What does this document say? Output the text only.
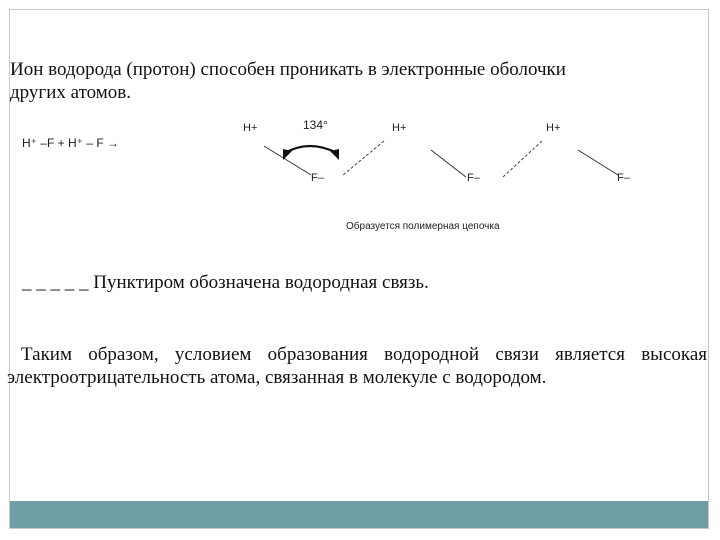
Ион водорода (протон) способен проникать в электронные оболочки
других атомов.
H⁺ –F + H⁺ – F →
134°
H+	H+	H+
F–	F–	F–
Образуется полимерная цепочка
_ _ _ _ _ Пунктиром обозначена водородная связь.
Таким образом, условием образования водородной связи является высокая электроотрицательность атома, связанная в молекуле с водородом.
